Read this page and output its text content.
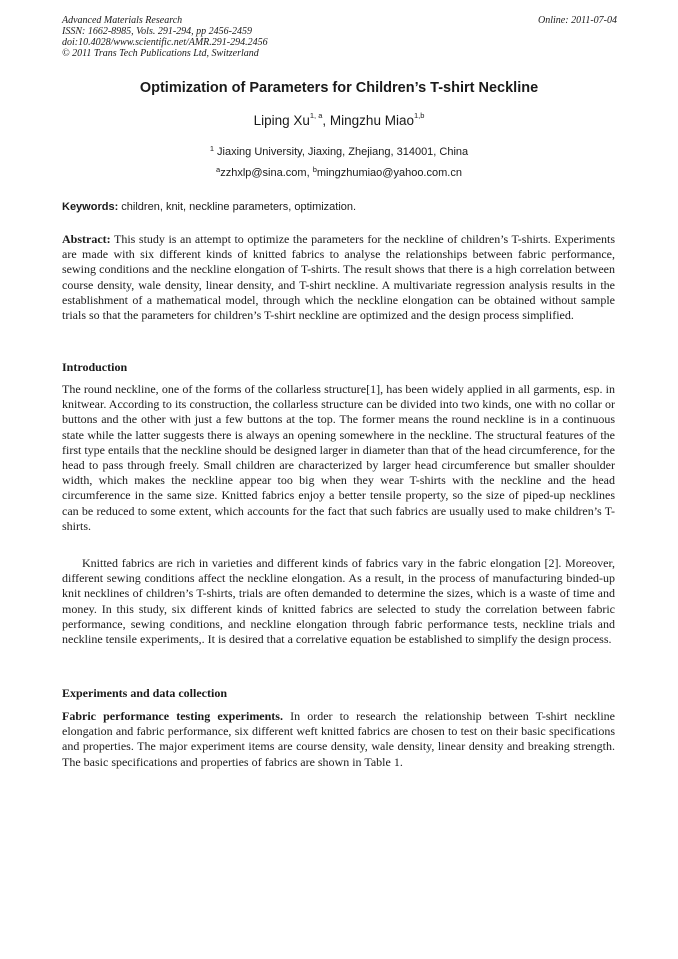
Advanced Materials Research
ISSN: 1662-8985, Vols. 291-294, pp 2456-2459
doi:10.4028/www.scientific.net/AMR.291-294.2456
© 2011 Trans Tech Publications Ltd, Switzerland
Online: 2011-07-04
Optimization of Parameters for Children’s T-shirt Neckline
Liping Xu$^{1, a}$, Mingzhu Miao$^{1,b}$
$^1$ Jiaxing University, Jiaxing, Zhejiang, 314001, China
$^a$zzhxlp@sina.com, $^b$mingzhumiao@yahoo.com.cn
Keywords: children, knit, neckline parameters, optimization.
Abstract: This study is an attempt to optimize the parameters for the neckline of children’s T-shirts. Experiments are made with six different kinds of knitted fabrics to analyse the relationships between fabric performance, sewing conditions and the neckline elongation of T-shirts. The result shows that there is a high correlation between course density, wale density, linear density, and T-shirt neckline. A multivariate regression analysis results in the establishment of a mathematical model, through which the neckline elongation can be obtained without sample trials so that the parameters for children’s T-shirt neckline are optimized and the design process simplified.
Introduction
The round neckline, one of the forms of the collarless structure[1], has been widely applied in all garments, esp. in knitwear. According to its construction, the collarless structure can be divided into two kinds, one with no collar or buttons and the other with just a few buttons at the top. The former means the round neckline is in a continuous state while the latter suggests there is always an opening somewhere in the neckline. The structural features of the first type entails that the neckline should be designed larger in diameter than that of the head circumference, for the head to pass through freely. Small children are characterized by larger head circumference but smaller shoulder width, which makes the neckline appear too big when they wear T-shirts with the neckline and the head circumference in the same size. Knitted fabrics enjoy a better tensile property, so the size of piped-up necklines can be reduced to some extent, which accounts for the fact that such fabrics are usually used to make children’s T-shirts.
Knitted fabrics are rich in varieties and different kinds of fabrics vary in the fabric elongation [2]. Moreover, different sewing conditions affect the neckline elongation. As a result, in the process of manufacturing binded-up knit necklines of children’s T-shirts, trials are often demanded to determine the sizes, which is a waste of time and money. In this study, six different kinds of knitted fabrics are selected to study the correlation between fabric performance, sewing conditions, and neckline elongation through fabric performance tests, neckline trials and neckline tensile experiments,. It is desired that a correlative equation be established to simplify the design process.
Experiments and data collection
Fabric performance testing experiments. In order to research the relationship between T-shirt neckline elongation and fabric performance, six different weft knitted fabrics are chosen to test on their basic specifications and properties. The major experiment items are course density, wale density, linear density and breaking strength. The basic specifications and properties of fabrics are shown in Table 1.
